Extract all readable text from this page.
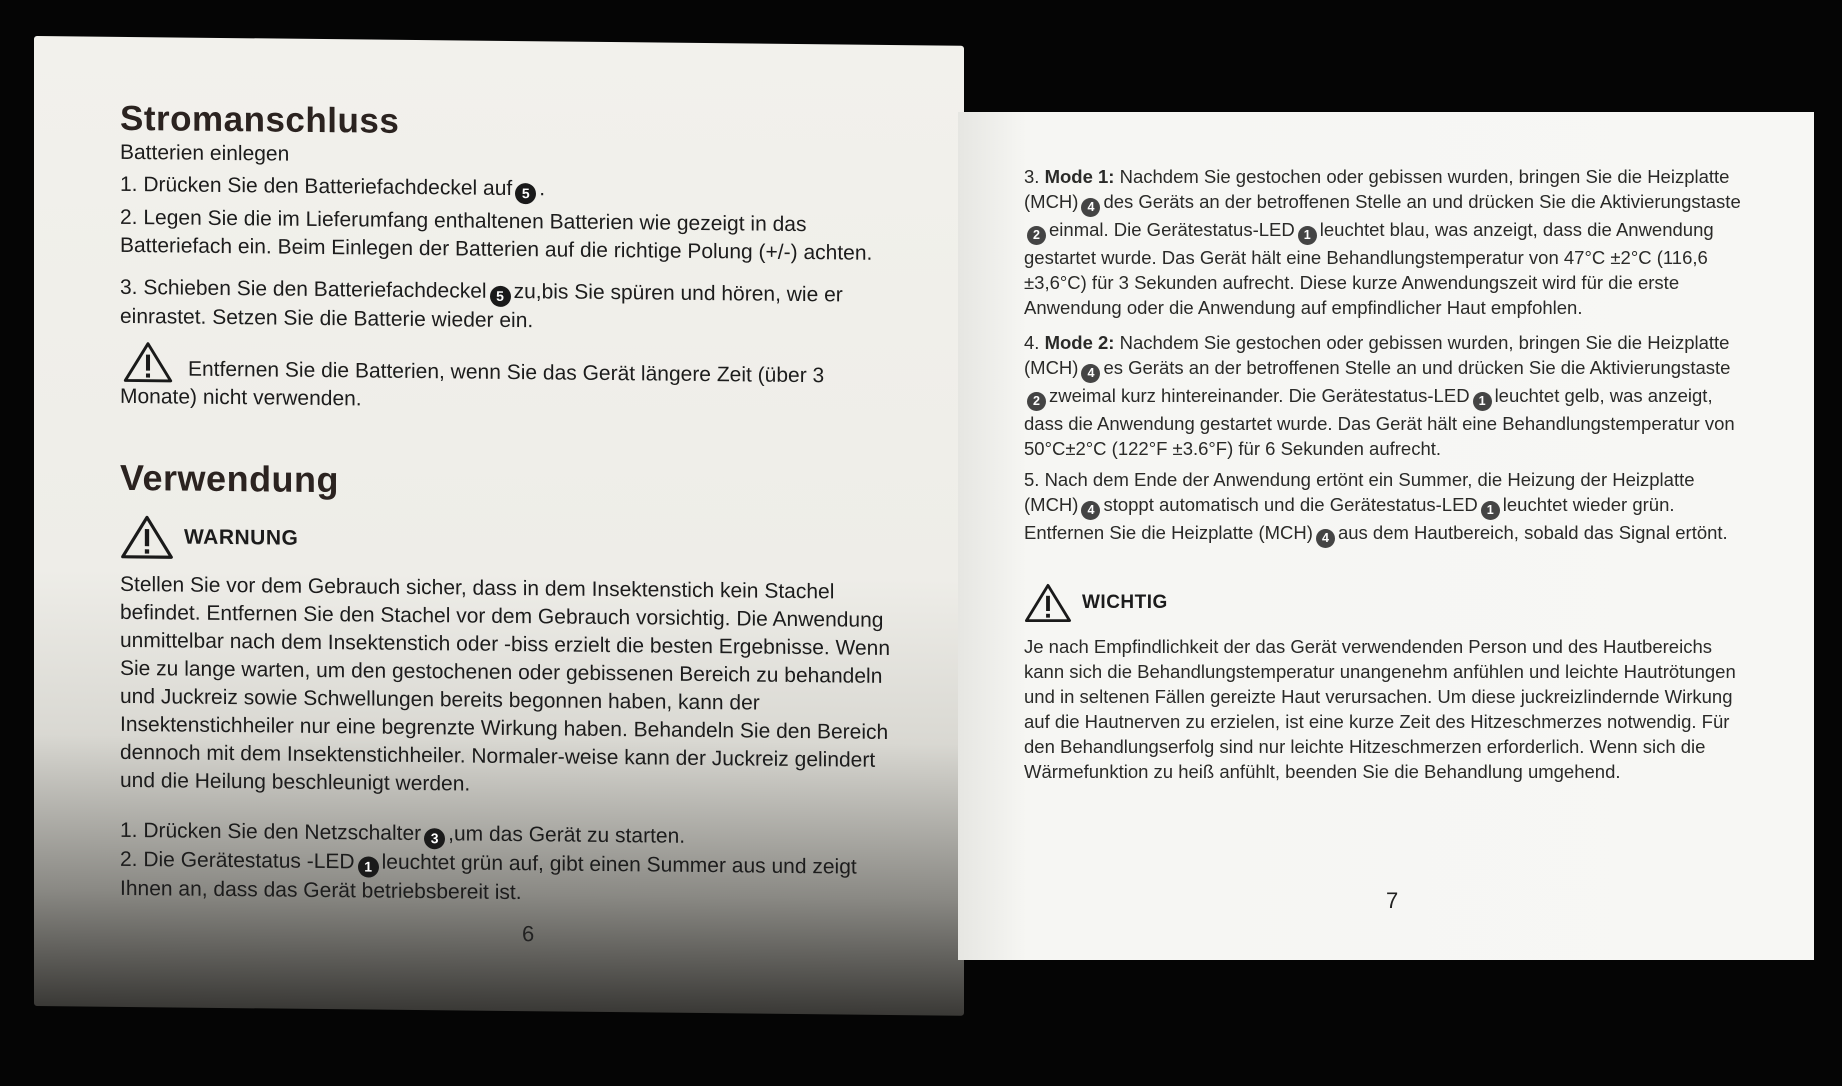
Stromanschluss

Batterien einlegen

1. Drücken Sie den Batteriefachdeckel auf 5 .

2. Legen Sie die im Lieferumfang enthaltenen Batterien wie gezeigt in das Batteriefach ein. Beim Einlegen der Batterien auf die richtige Polung (+/-) achten.

3. Schieben Sie den Batteriefachdeckel 5 zu,bis Sie spüren und hören, wie er einrastet. Setzen Sie die Batterie wieder ein.

Entfernen Sie die Batterien, wenn Sie das Gerät längere Zeit (über 3 Monate) nicht verwenden.

Verwendung
WARNUNG

Stellen Sie vor dem Gebrauch sicher, dass in dem Insektenstich kein Stachel befindet. Entfernen Sie den Stachel vor dem Gebrauch vorsichtig. Die Anwendung unmittelbar nach dem Insektenstich oder -biss erzielt die besten Ergebnisse. Wenn Sie zu lange warten, um den gestochenen oder gebissenen Bereich zu behandeln und Juckreiz sowie Schwellungen bereits begonnen haben, kann der Insektenstichheiler nur eine begrenzte Wirkung haben. Behandeln Sie den Bereich dennoch mit dem Insektenstichheiler. Normaler-weise kann der Juckreiz gelindert und die Heilung beschleunigt werden.

1. Drücken Sie den Netzschalter 3 ,um das Gerät zu starten.

2. Die Gerätestatus -LED 1 leuchtet grün auf, gibt einen Summer aus und zeigt Ihnen an, dass das Gerät betriebsbereit ist.

6

3. Mode 1: Nachdem Sie gestochen oder gebissen wurden, bringen Sie die Heizplatte (MCH) 4 des Geräts an der betroffenen Stelle an und drücken Sie die Aktivierungstaste2 einmal. Die Gerätestatus-LED 1 leuchtet blau, was anzeigt, dass die Anwendung gestartet wurde. Das Gerät hält eine Behandlungstemperatur von 47°C ±2°C (116,6 ±3,6°C) für 3 Sekunden aufrecht. Diese kurze Anwendungszeit wird für die erste Anwendung oder die Anwendung auf empfindlicher Haut empfohlen.

4. Mode 2: Nachdem Sie gestochen oder gebissen wurden, bringen Sie die Heizplatte (MCH) 4 es Geräts an der betroffenen Stelle an und drücken Sie die Aktivierungstaste2 zweimal kurz hintereinander. Die Gerätestatus-LED 1 leuchtet gelb, was anzeigt, dass die Anwendung gestartet wurde. Das Gerät hält eine Behandlungstemperatur von 50°C±2°C (122°F ±3.6°F) für 6 Sekunden aufrecht.

5. Nach dem Ende der Anwendung ertönt ein Summer, die Heizung der Heizplatte (MCH) 4 stoppt automatisch und die Gerätestatus-LED 1 leuchtet wieder grün. Entfernen Sie die Heizplatte (MCH) 4 aus dem Hautbereich, sobald das Signal ertönt.

WICHTIG

Je nach Empfindlichkeit der das Gerät verwendenden Person und des Hautbereichs kann sich die Behandlungstemperatur unangenehm anfühlen und leichte Hautrötungen und in seltenen Fällen gereizte Haut verursachen. Um diese juckreizlindernde Wirkung auf die Hautnerven zu erzielen, ist eine kurze Zeit des Hitzeschmerzes notwendig. Für den Behandlungserfolg sind nur leichte Hitzeschmerzen erforderlich. Wenn sich die Wärmefunktion zu heiß anfühlt, beenden Sie die Behandlung umgehend.

7
